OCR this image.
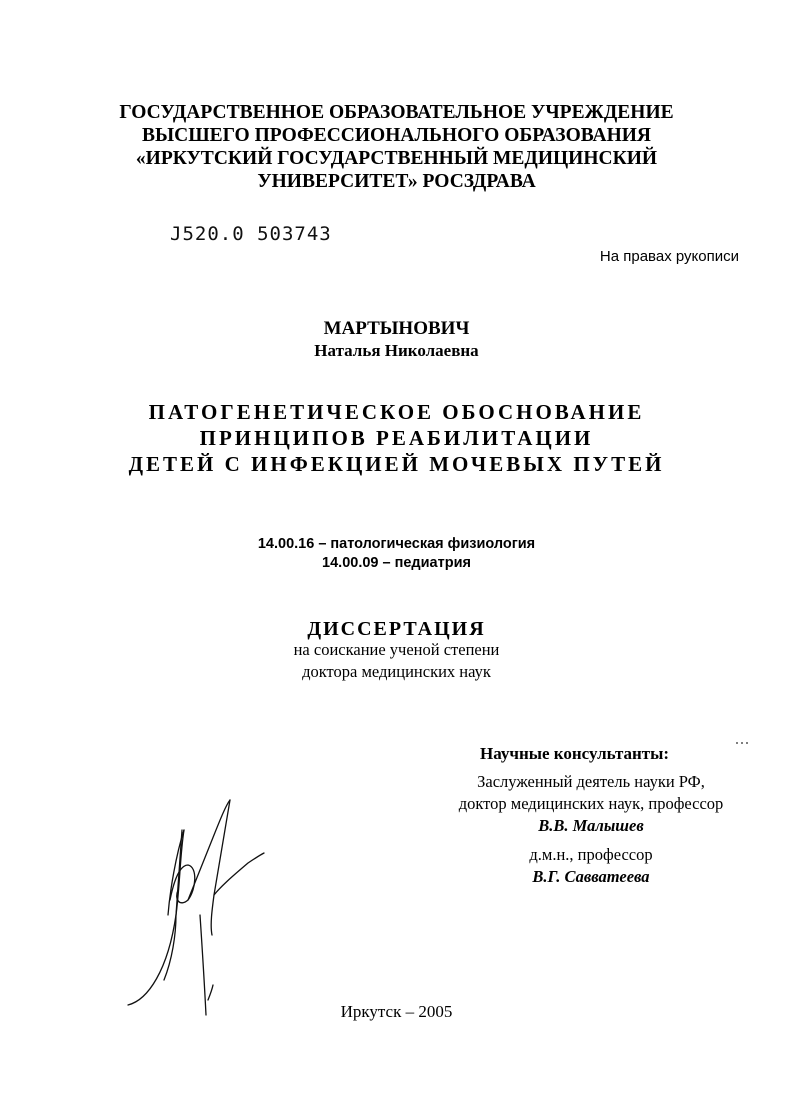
ГОСУДАРСТВЕННОЕ ОБРАЗОВАТЕЛЬНОЕ УЧРЕЖДЕНИЕ
ВЫСШЕГО ПРОФЕССИОНАЛЬНОГО ОБРАЗОВАНИЯ
«ИРКУТСКИЙ ГОСУДАРСТВЕННЫЙ МЕДИЦИНСКИЙ
УНИВЕРСИТЕТ» РОСЗДРАВА
J520.0 503743
На правах рукописи
МАРТЫНОВИЧ
Наталья Николаевна
ПАТОГЕНЕТИЧЕСКОЕ ОБОСНОВАНИЕ
ПРИНЦИПОВ РЕАБИЛИТАЦИИ
ДЕТЕЙ С ИНФЕКЦИЕЙ МОЧЕВЫХ ПУТЕЙ
14.00.16 – патологическая физиология
14.00.09 – педиатрия
ДИССЕРТАЦИЯ
на соискание ученой степени
доктора медицинских наук
Научные консультанты:
Заслуженный деятель науки РФ,
доктор медицинских наук, профессор
В.В. Малышев
д.м.н., профессор
В.Г. Савватеева
Иркутск – 2005
